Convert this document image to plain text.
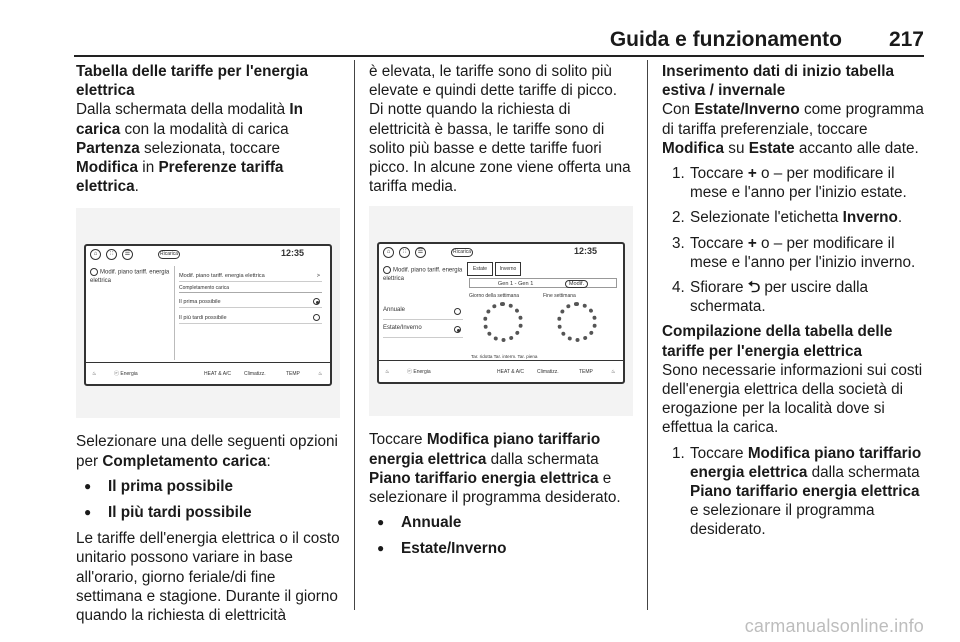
Guida e funzionamento 217

Tabella delle tariffe per l'energia elettrica

Dalla schermata della modalità In carica con la modalità di carica Partenza selezionata, toccare Modifica in Preferenze tariffa elettrica.

⌂	∷	☰	Ricarica	12:35
Modif. piano tariff. energia elettrica
Modif. piano tariff. energia elettrica	>
Completamento carica
Il prima possibile
Il più tardi possibile
♨	ⓔ Energia	HEAT & A/C	Climatizz.	TEMP	♨

Selezionare una delle seguenti opzioni per Completamento carica:

● Il prima possibile
● Il più tardi possibile

Le tariffe dell'energia elettrica o il costo unitario possono variare in base all'orario, giorno feriale/di fine settimana e stagione. Durante il giorno quando la richiesta di elettricità

è elevata, le tariffe sono di solito più elevate e quindi dette tariffe di picco. Di notte quando la richiesta di elettricità è bassa, le tariffe sono di solito più basse e dette tariffe fuori picco. In alcune zone viene offerta una tariffa media.

⌂	∷	☰	Ricarica	12:35
Modif. piano tariff. energia elettrica
Estate	Inverno
Gen 1 - Gen 1	Modif.
Giorno della settimana	Fine settimana
Annuale
Estate/Inverno
Tar. ridotta Tar. interm. Tar. piena
♨	ⓔ Energia	HEAT & A/C	Climatizz.	TEMP	♨

Toccare Modifica piano tariffario energia elettrica dalla schermata Piano tariffario energia elettrica e selezionare il programma desiderato.

● Annuale
● Estate/Inverno

Inserimento dati di inizio tabella estiva / invernale

Con Estate/Inverno come programma di tariffa preferenziale, toccare Modifica su Estate accanto alle date.

1. Toccare + o – per modificare il mese e l'anno per l'inizio estate.
2. Selezionate l'etichetta Inverno.
3. Toccare + o – per modificare il mese e l'anno per l'inizio inverno.
4. Sfiorare ⮌ per uscire dalla schermata.

Compilazione della tabella delle tariffe per l'energia elettrica

Sono necessarie informazioni sui costi dell'energia elettrica della società di erogazione per la località dove si effettua la carica.

1. Toccare Modifica piano tariffario energia elettrica dalla schermata Piano tariffario energia elettrica e selezionare il programma desiderato.
carmanualsonline.info
